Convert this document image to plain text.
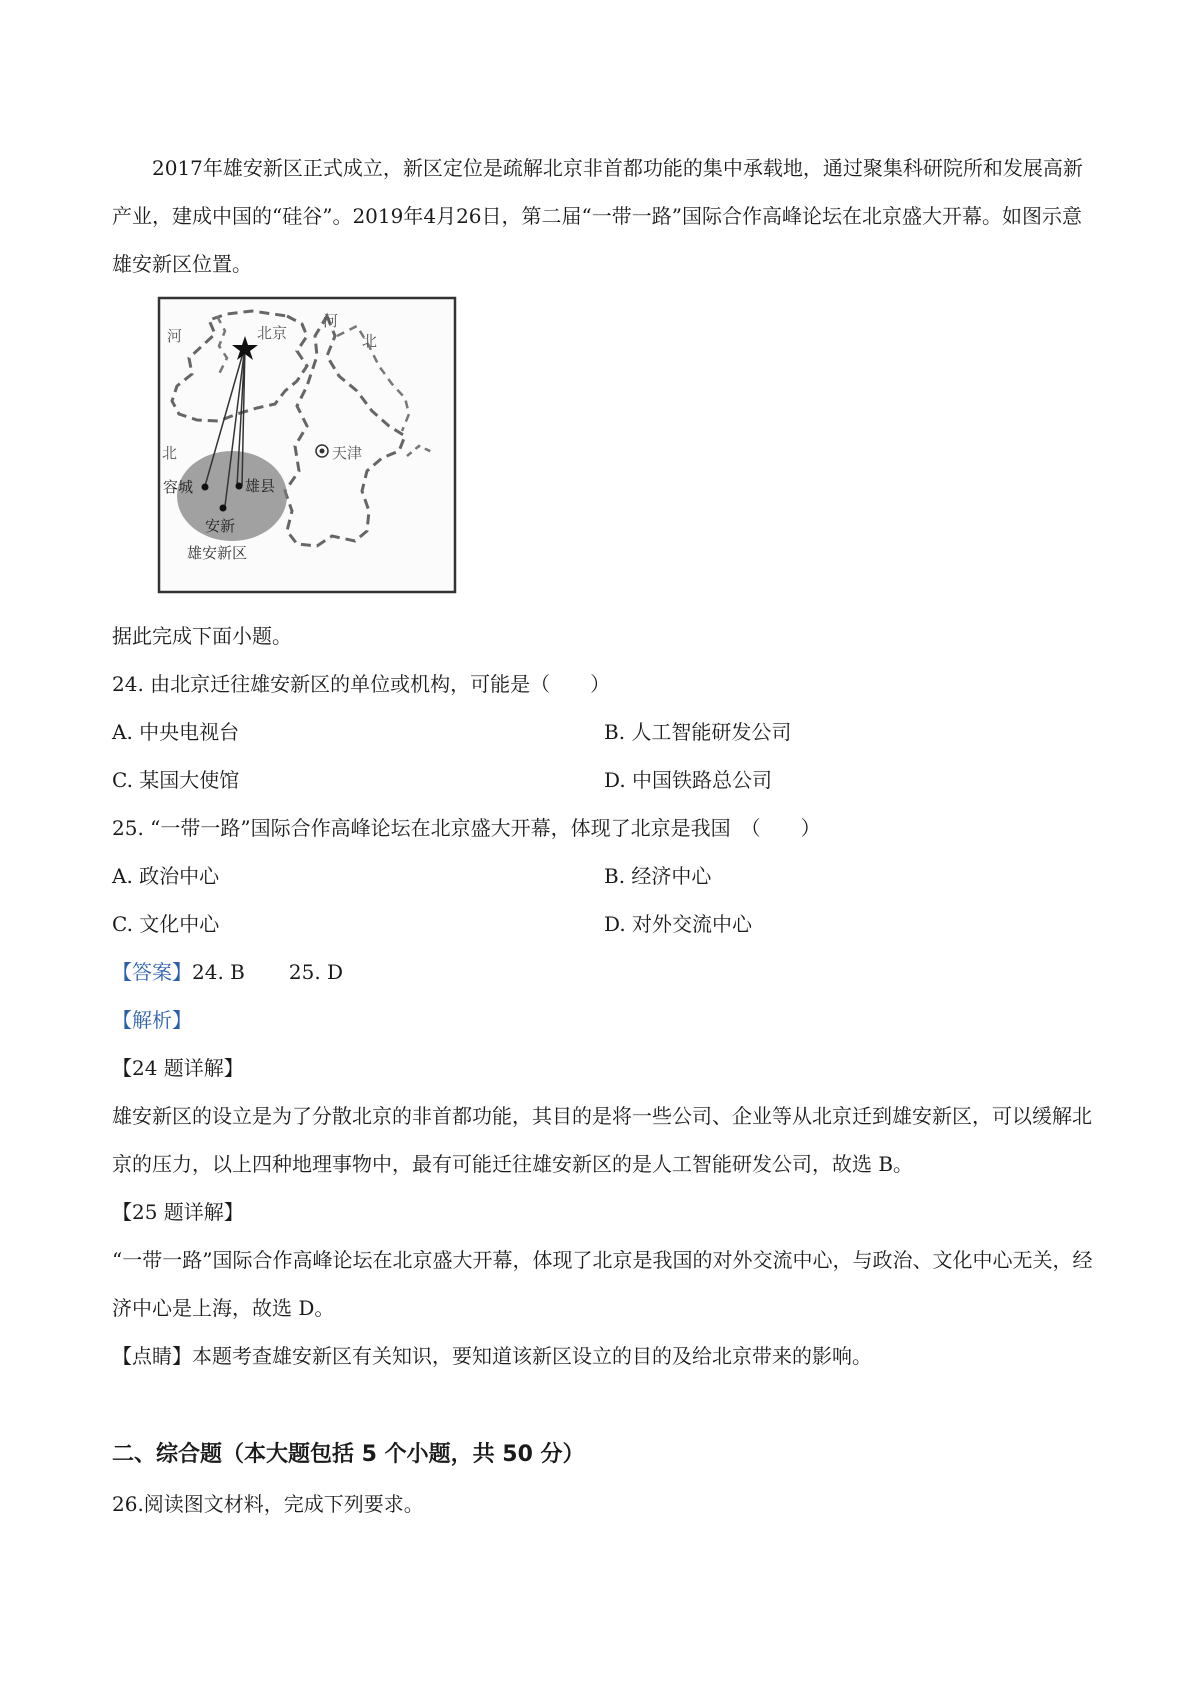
2017年雄安新区正式成立，新区定位是疏解北京非首都功能的集中承载地，通过聚集科研院所和发展高新产业，建成中国的“硅谷”。2019年4月26日，第二届“一带一路”国际合作高峰论坛在北京盛大开幕。如图示意雄安新区位置。

河	北京
河
北
北	天津
容城	雄县
安新
雄安新区

据此完成下面小题。

24. 由北京迁往雄安新区的单位或机构，可能是（　　）

A. 中央电视台	B. 人工智能研发公司
C. 某国大使馆	D. 中国铁路总公司

25. “一带一路”国际合作高峰论坛在北京盛大开幕，体现了北京是我国　（　　）

A. 政治中心	B. 经济中心
C. 文化中心	D. 对外交流中心

【答案】24. B 25. D

【解析】

【24 题详解】

雄安新区的设立是为了分散北京的非首都功能，其目的是将一些公司、企业等从北京迁到雄安新区，可以缓解北京的压力，以上四种地理事物中，最有可能迁往雄安新区的是人工智能研发公司，故选 B。

【25 题详解】

“一带一路”国际合作高峰论坛在北京盛大开幕，体现了北京是我国的对外交流中心，与政治、文化中心无关，经济中心是上海，故选 D。

【点睛】本题考查雄安新区有关知识，要知道该新区设立的目的及给北京带来的影响。

二、综合题（本大题包括 5 个小题，共 50 分）

26.阅读图文材料，完成下列要求。
